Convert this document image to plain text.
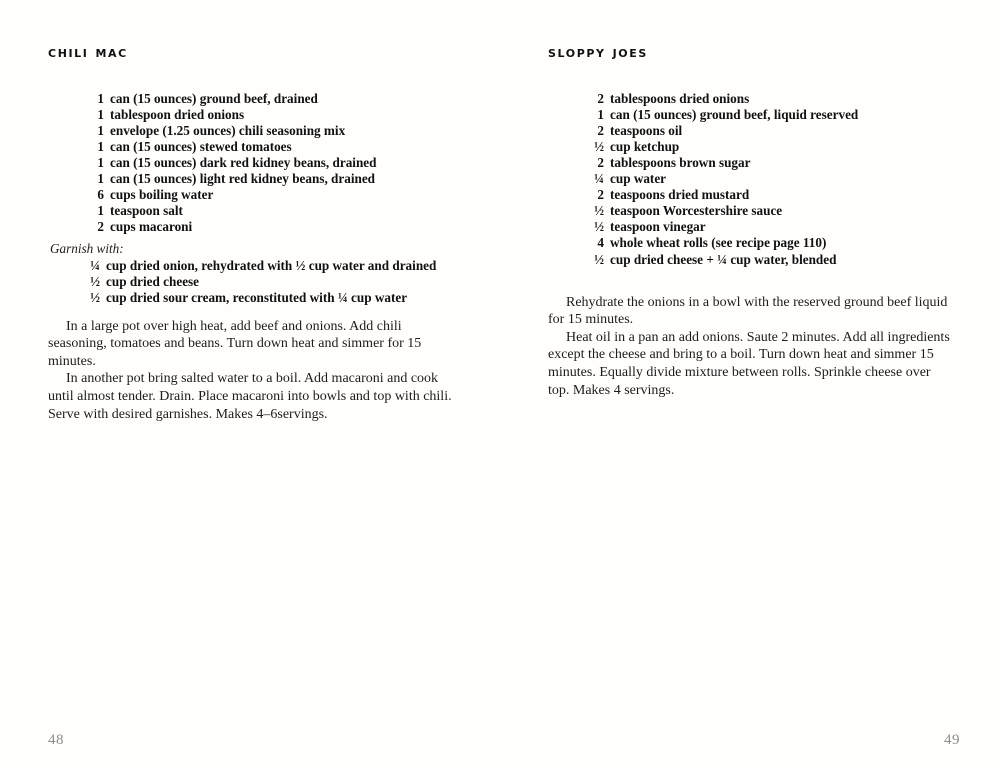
chili mac
1 can (15 ounces) ground beef, drained
1 tablespoon dried onions
1 envelope (1.25 ounces) chili seasoning mix
1 can (15 ounces) stewed tomatoes
1 can (15 ounces) dark red kidney beans, drained
1 can (15 ounces) light red kidney beans, drained
6 cups boiling water
1 teaspoon salt
2 cups macaroni

Garnish with:

¼ cup dried onion, rehydrated with ½ cup water and drained
½ cup dried cheese
½ cup dried sour cream, reconstituted with ¼ cup water

In a large pot over high heat, add beef and onions. Add chili seasoning, tomatoes and beans. Turn down heat and simmer for 15 minutes.

In another pot bring salted water to a boil. Add macaroni and cook until almost tender. Drain. Place macaroni into bowls and top with chili. Serve with desired garnishes. Makes 4–6servings.

48
sloppy joes
2 tablespoons dried onions
1 can (15 ounces) ground beef, liquid reserved
2 teaspoons oil
½ cup ketchup
2 tablespoons brown sugar
¼ cup water
2 teaspoons dried mustard
½ teaspoon Worcestershire sauce
½ teaspoon vinegar
4 whole wheat rolls (see recipe page 110)
½ cup dried cheese + ¼ cup water, blended

Rehydrate the onions in a bowl with the reserved ground beef liquid for 15 minutes.

Heat oil in a pan an add onions. Saute 2 minutes. Add all ingredients except the cheese and bring to a boil. Turn down heat and simmer 15 minutes. Equally divide mixture between rolls. Sprinkle cheese over top. Makes 4 servings.

49
